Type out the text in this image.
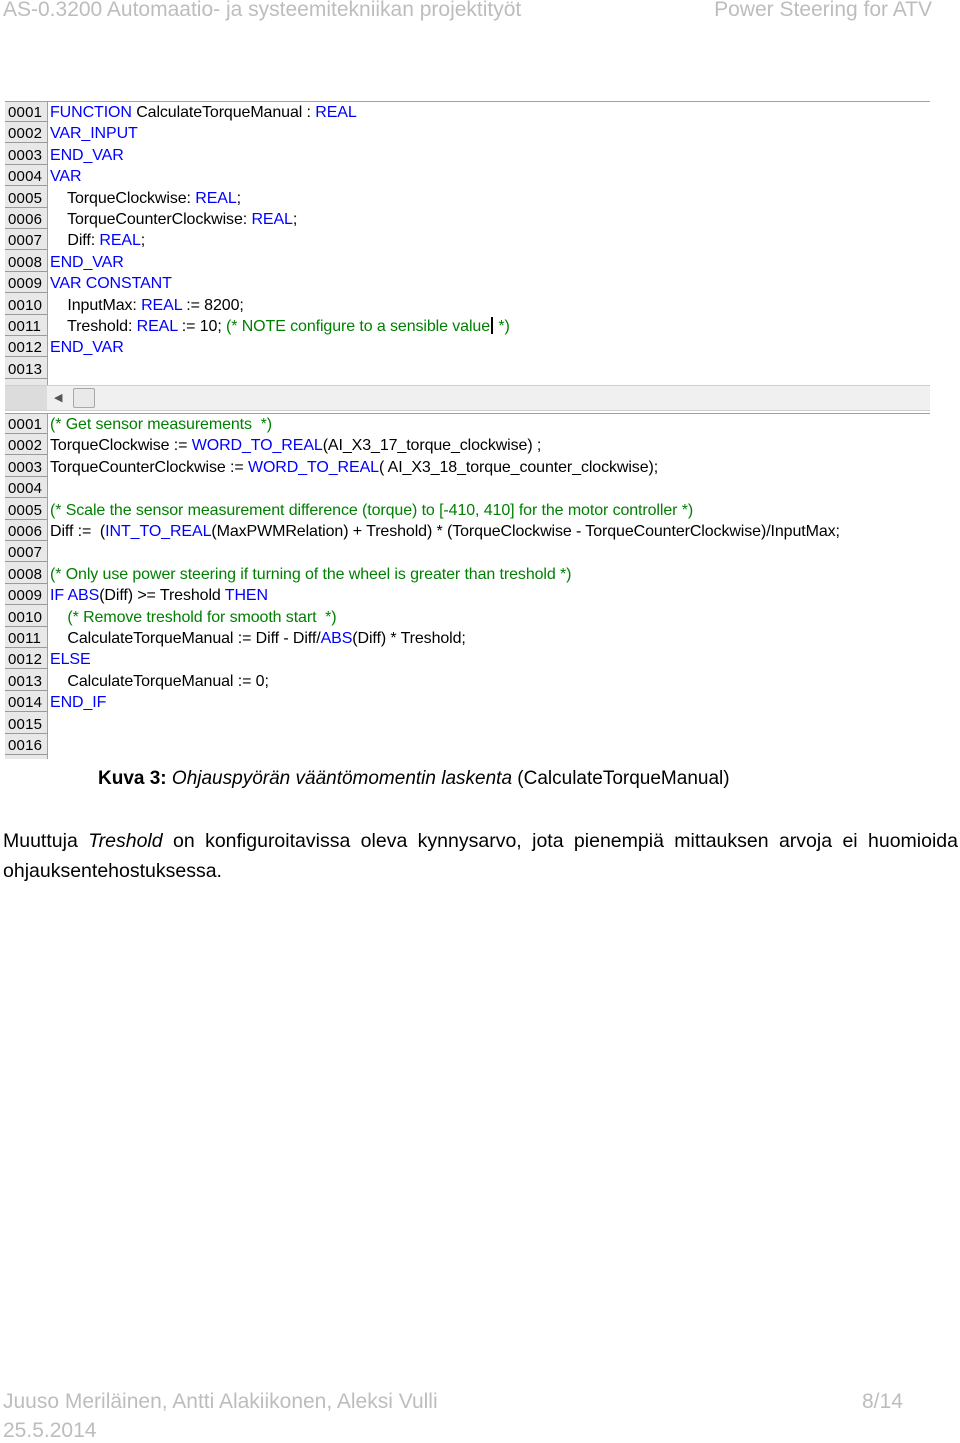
AS-0.3200 Automaatio- ja systeemitekniikan projektityöt	Power Steering for ATV
0001 FUNCTION CalculateTorqueManual : REAL
0002 VAR_INPUT
0003 END_VAR
0004 VAR
0005 TorqueClockwise: REAL;
0006 TorqueCounterClockwise: REAL;
0007 Diff: REAL;
0008 END_VAR
0009 VAR CONSTANT
0010 InputMax: REAL := 8200;
0011 Treshold: REAL := 10; (* NOTE configure to a sensible value *)
0012 END_VAR
0013
◀
0001 (* Get sensor measurements  *)
0002 TorqueClockwise := WORD_TO_REAL(AI_X3_17_torque_clockwise) ;
0003 TorqueCounterClockwise := WORD_TO_REAL( AI_X3_18_torque_counter_clockwise);
0004
0005 (* Scale the sensor measurement difference (torque) to [-410, 410] for the motor controller *)
0006 Diff :=  (INT_TO_REAL(MaxPWMRelation) + Treshold) * (TorqueClockwise - TorqueCounterClockwise)/InputMax;
0007
0008 (* Only use power steering if turning of the wheel is greater than treshold *)
0009 IF ABS(Diff) >= Treshold THEN
0010 (* Remove treshold for smooth start  *)
0011 CalculateTorqueManual := Diff - Diff/ABS(Diff) * Treshold;
0012 ELSE
0013 CalculateTorqueManual := 0;
0014 END_IF
0015
0016
Kuva 3: Ohjauspyörän vääntömomentin laskenta (CalculateTorqueManual)
Muuttuja Treshold on konfiguroitavissa oleva kynnysarvo, jota pienempiä mittauksen arvoja ei huomioida ohjauksentehostuksessa.
Juuso Meriläinen, Antti Alakiikonen, Aleksi Vulli	8/14
25.5.2014
